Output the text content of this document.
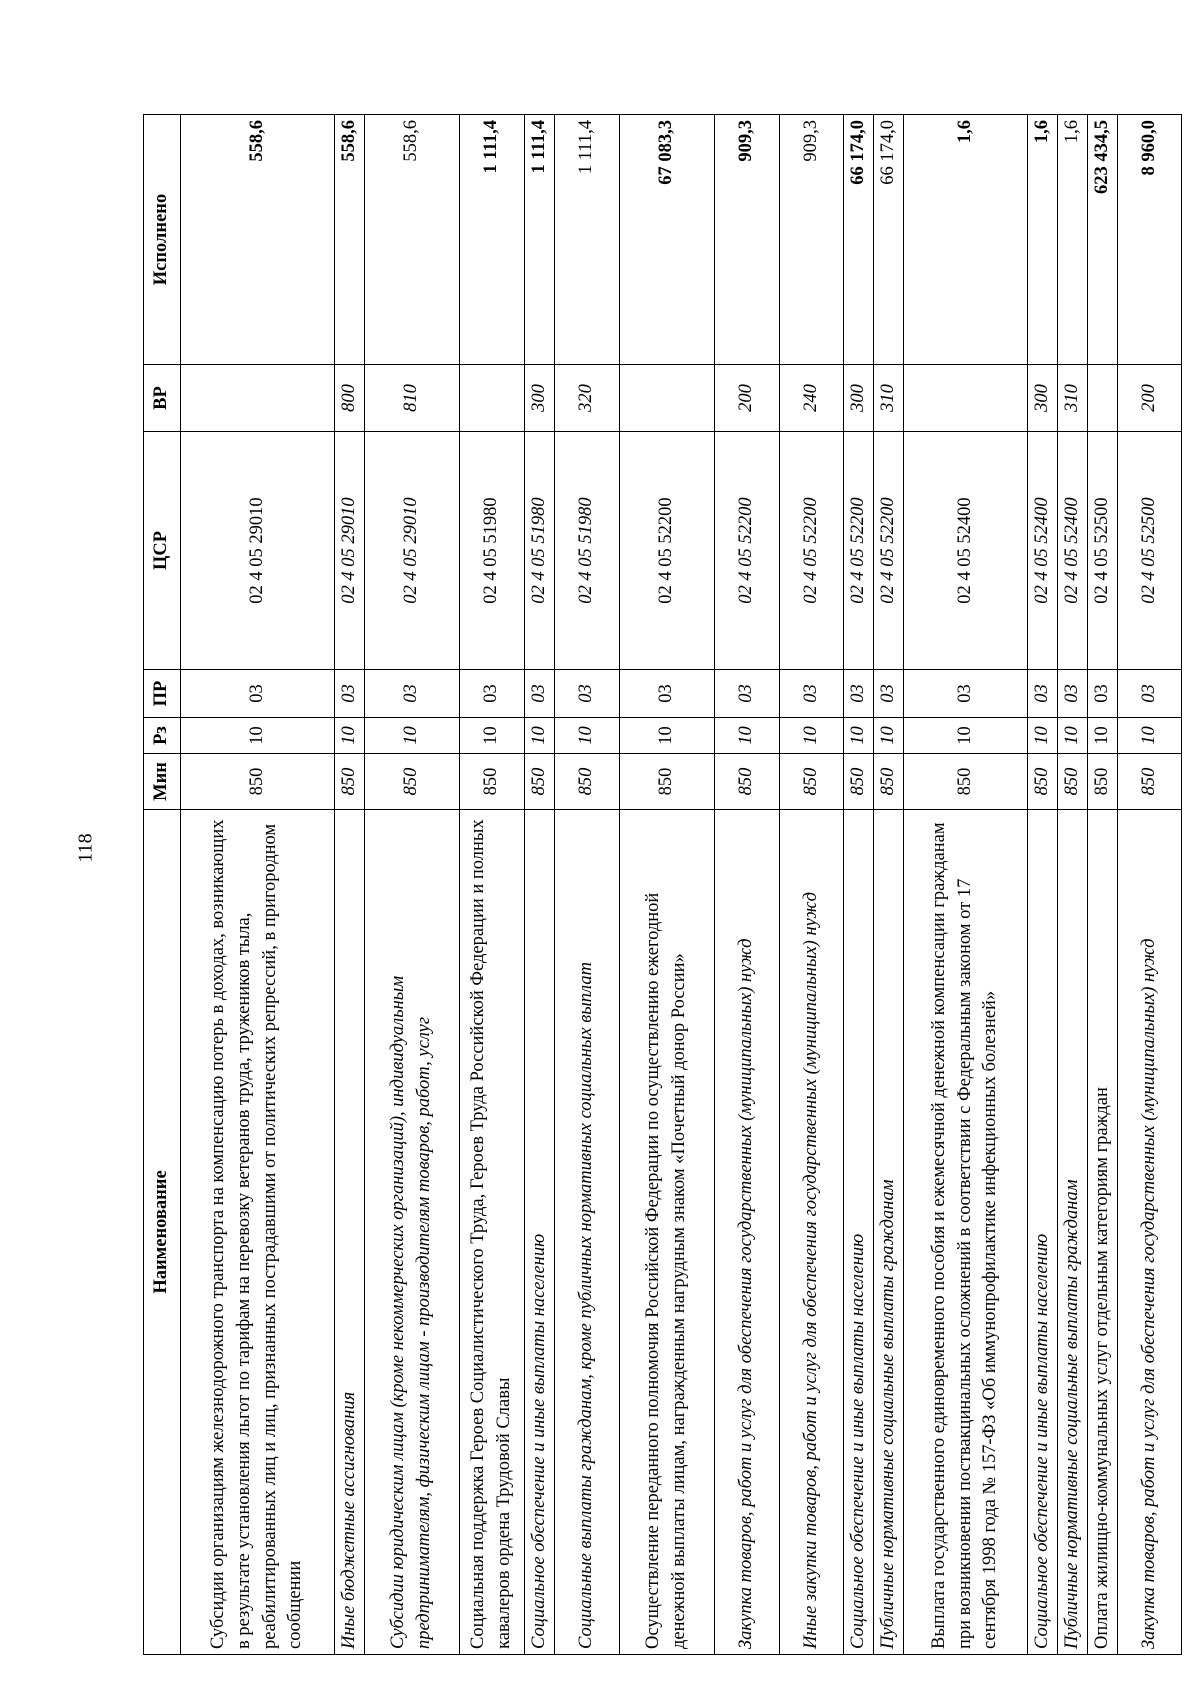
118
Наименование	Мин	Рз	ПР	ЦСР	ВР	Исполнено
Субсидии организациям железнодорожного транспорта на компенсацию потерь в доходах, возникающих в результате установления льгот по тарифам на перевозку ветеранов труда, тружеников тыла, реабилитированных лиц и лиц, признанных пострадавшими от политических репрессий, в пригородном сообщении	850	10	03	02 4 05 29010		558,6
Иные бюджетные ассигнования	850	10	03	02 4 05 29010	800	558,6
Субсидии юридическим лицам (кроме некоммерческих организаций), индивидуальным предпринимателям, физическим лицам - производителям товаров, работ, услуг	850	10	03	02 4 05 29010	810	558,6
Социальная поддержка Героев Социалистического Труда, Героев Труда Российской Федерации и полных кавалеров ордена Трудовой Славы	850	10	03	02 4 05 51980		1 111,4
Социальное обеспечение и иные выплаты населению	850	10	03	02 4 05 51980	300	1 111,4
Социальные выплаты гражданам, кроме публичных нормативных социальных выплат	850	10	03	02 4 05 51980	320	1 111,4
Осуществление переданного полномочия Российской Федерации по осуществлению ежегодной денежной выплаты лицам, награжденным нагрудным знаком «Почетный донор России»	850	10	03	02 4 05 52200		67 083,3
Закупка товаров, работ и услуг для обеспечения государственных (муниципальных) нужд	850	10	03	02 4 05 52200	200	909,3
Иные закупки товаров, работ и услуг для обеспечения государственных (муниципальных) нужд	850	10	03	02 4 05 52200	240	909,3
Социальное обеспечение и иные выплаты населению	850	10	03	02 4 05 52200	300	66 174,0
Публичные нормативные социальные выплаты гражданам	850	10	03	02 4 05 52200	310	66 174,0
Выплата государственного единовременного пособия и ежемесячной денежной компенсации гражданам при возникновении поствакцинальных осложнений в соответствии с Федеральным законом от 17 сентября 1998 года № 157-ФЗ «Об иммунопрофилактике инфекционных болезней»	850	10	03	02 4 05 52400		1,6
Социальное обеспечение и иные выплаты населению	850	10	03	02 4 05 52400	300	1,6
Публичные нормативные социальные выплаты гражданам	850	10	03	02 4 05 52400	310	1,6
Оплата жилищно-коммунальных услуг отдельным категориям граждан	850	10	03	02 4 05 52500		623 434,5
Закупка товаров, работ и услуг для обеспечения государственных (муниципальных) нужд	850	10	03	02 4 05 52500	200	8 960,0
